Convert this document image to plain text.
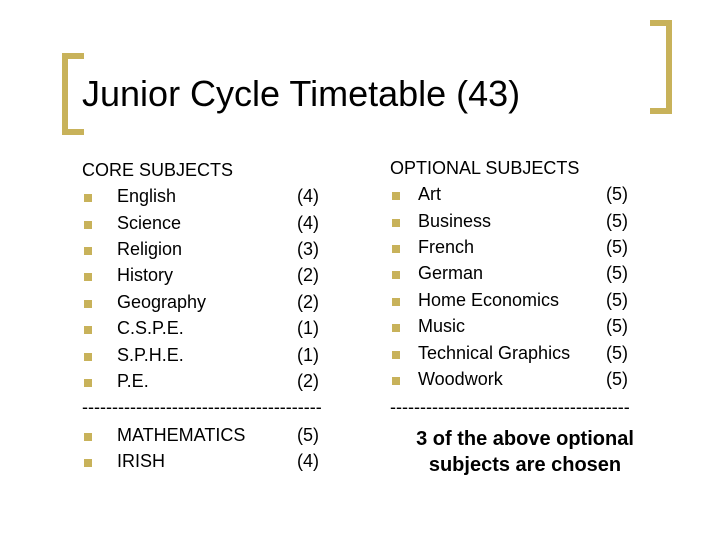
Junior Cycle Timetable (43)
CORE SUBJECTS
English	(4)
Science	(4)
Religion	(3)
History	(2)
Geography	(2)
C.S.P.E.	(1)
S.P.H.E.	(1)
P.E.	(2)
----------------------------------------
MATHEMATICS	(5)
IRISH	(4)
OPTIONAL SUBJECTS
Art	(5)
Business	(5)
French	(5)
German	(5)
Home Economics	(5)
Music	(5)
Technical Graphics (5)
Woodwork	(5)
----------------------------------------
3 of the above optional
subjects are chosen
